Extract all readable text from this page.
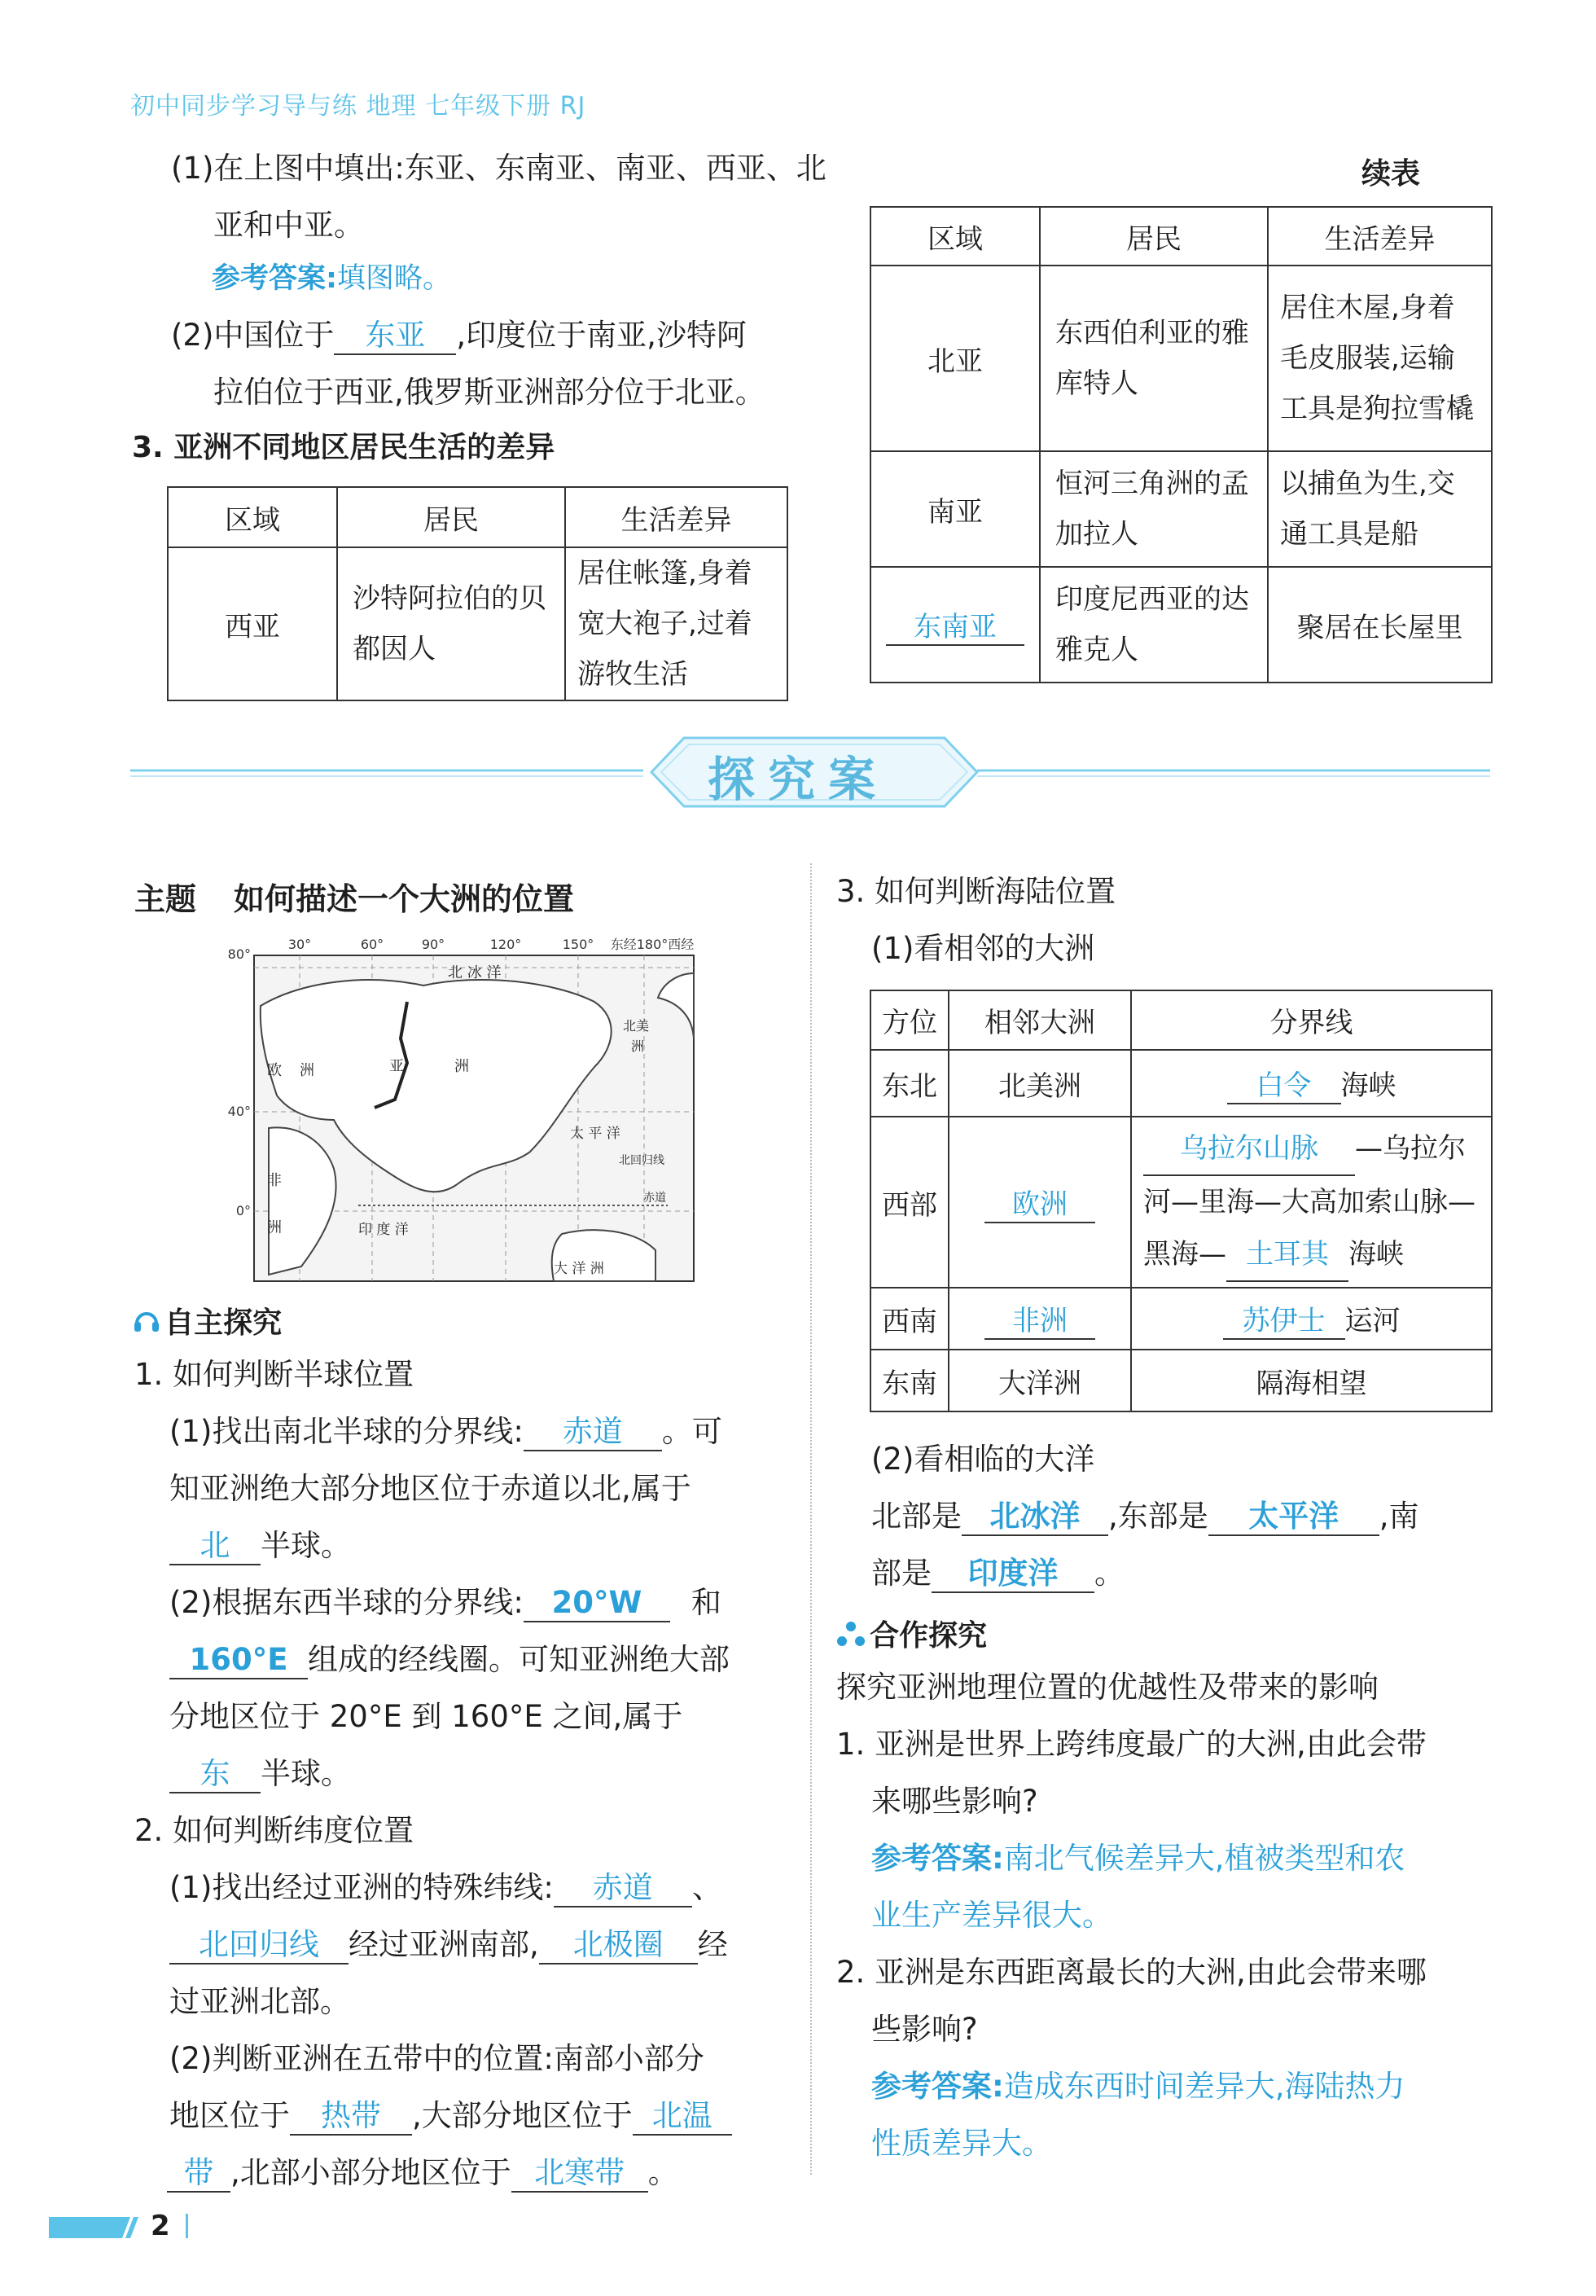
初中同步学习导与练 地理 七年级下册 RJ
(1)在上图中填出:东亚、东南亚、南亚、西亚、北
亚和中亚。
参考答案:填图略。
(2)中国位于 东亚 ,印度位于南亚,沙特阿
拉伯位于西亚,俄罗斯亚洲部分位于北亚。
3. 亚洲不同地区居民生活的差异
区域	居民	生活差异
西亚	沙特阿拉伯的贝都因人	居住帐篷,身着宽大袍子,过着游牧生活
续表
区域	居民	生活差异
北亚	东西伯利亚的雅库特人	居住木屋,身着毛皮服装,运输工具是狗拉雪橇
南亚	恒河三角洲的孟加拉人	以捕鱼为生,交通工具是船
东南亚	印度尼西亚的达雅克人	聚居在长屋里
探究案
主题 如何描述一个大洲的位置
80°
40°
0°
30°	60°	90°	120°	150° 东经180°西经
北 冰 洋
欧 洲	亚	洲
北美
洲
太 平 洋
北回归线
赤道
非
洲	印 度 洋
大 洋 洲
自主探究
1. 如何判断半球位置
(1)找出南北半球的分界线: 赤道 。可
知亚洲绝大部分地区位于赤道以北,属于
北 半球。
(2)根据东西半球的分界线: 20°W 和
160°E 组成的经线圈。可知亚洲绝大部
分地区位于 20°E 到 160°E 之间,属于
东 半球。
2. 如何判断纬度位置
(1)找出经过亚洲的特殊纬线: 赤道 、
北回归线 经过亚洲南部, 北极圈 经
过亚洲北部。
(2)判断亚洲在五带中的位置:南部小部分
地区位于 热带 ,大部分地区位于 北温
带 ,北部小部分地区位于 北寒带 。
3. 如何判断海陆位置
(1)看相邻的大洲
方位	相邻大洲	分界线
东北	北美洲	白令 海峡
西部	欧洲	乌拉尔山脉 —乌拉尔
河—里海—大高加索山脉—
黑海— 土耳其 海峡

西南	非洲	苏伊士 运河
东南	大洋洲	隔海相望
(2)看相临的大洋
北部是 北冰洋 ,东部是 太平洋 ,南
部是 印度洋 。
合作探究
探究亚洲地理位置的优越性及带来的影响
1. 亚洲是世界上跨纬度最广的大洲,由此会带
来哪些影响?
参考答案:南北气候差异大,植被类型和农
业生产差异很大。
2. 亚洲是东西距离最长的大洲,由此会带来哪
些影响?
参考答案:造成东西时间差异大,海陆热力
性质差异大。
2
